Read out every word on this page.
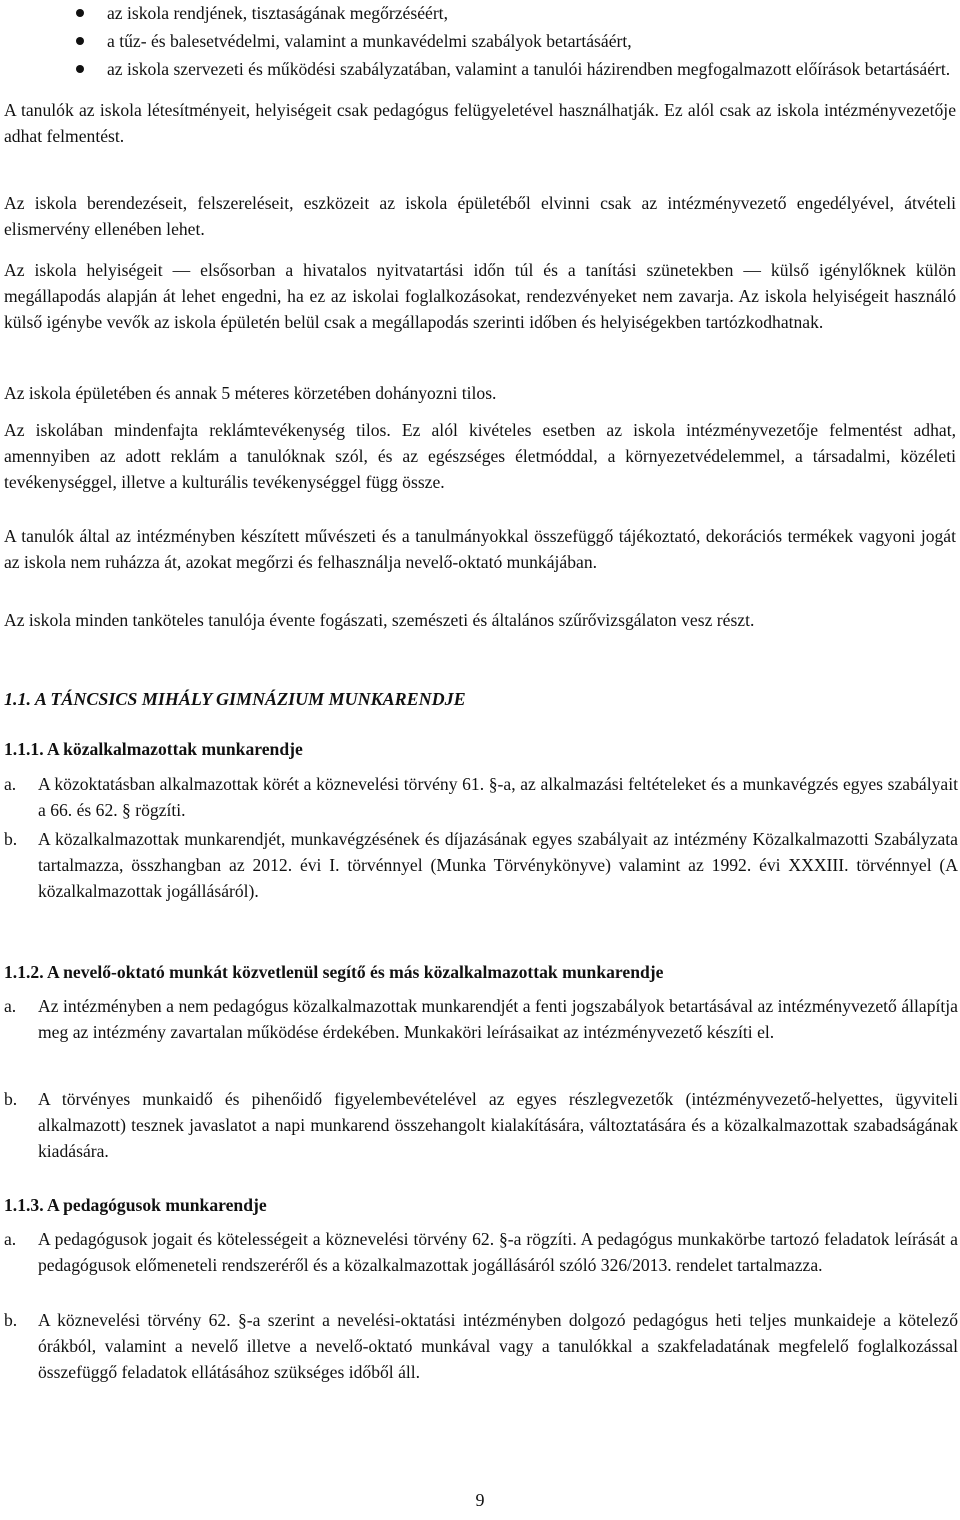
az iskola rendjének, tisztaságának megőrzéséért,
a tűz- és balesetvédelmi, valamint a munkavédelmi szabályok betartásáért,
az iskola szervezeti és működési szabályzatában, valamint a tanulói házirendben megfogalmazott előírások betartásáért.
A tanulók az iskola létesítményeit, helyiségeit csak pedagógus felügyeletével használhatják. Ez alól csak az iskola intézményvezetője adhat felmentést.
Az iskola berendezéseit, felszereléseit, eszközeit az iskola épületéből elvinni csak az intézményvezető engedélyével, átvételi elismervény ellenében lehet.
Az iskola helyiségeit — elsősorban a hivatalos nyitvatartási időn túl és a tanítási szünetekben — külső igénylőknek külön megállapodás alapján át lehet engedni, ha ez az iskolai foglalkozásokat, rendezvényeket nem zavarja. Az iskola helyiségeit használó külső igénybe vevők az iskola épületén belül csak a megállapodás szerinti időben és helyiségekben tartózkodhatnak.
Az iskola épületében és annak 5 méteres körzetében dohányozni tilos.
Az iskolában mindenfajta reklámtevékenység tilos. Ez alól kivételes esetben az iskola intézményvezetője felmentést adhat, amennyiben az adott reklám a tanulóknak szól, és az egészséges életmóddal, a környezetvédelemmel, a társadalmi, közéleti tevékenységgel, illetve a kulturális tevékenységgel függ össze.
A tanulók által az intézményben készített művészeti és a tanulmányokkal összefüggő tájékoztató, dekorációs termékek vagyoni jogát az iskola nem ruházza át, azokat megőrzi és felhasználja nevelő-oktató munkájában.
Az iskola minden tanköteles tanulója évente fogászati, szemészeti és általános szűrővizsgálaton vesz részt.
1.1. A TÁNCSICS MIHÁLY GIMNÁZIUM MUNKARENDJE
1.1.1. A közalkalmazottak munkarendje
a. A közoktatásban alkalmazottak körét a köznevelési törvény 61. §-a, az alkalmazási feltételeket és a munkavégzés egyes szabályait a 66. és 62. § rögzíti.
b. A közalkalmazottak munkarendjét, munkavégzésének és díjazásának egyes szabályait az intézmény Közalkalmazotti Szabályzata tartalmazza, összhangban az 2012. évi I. törvénnyel (Munka Törvénykönyve) valamint az 1992. évi XXXIII. törvénnyel (A közalkalmazottak jogállásáról).
1.1.2. A nevelő-oktató munkát közvetlenül segítő és más közalkalmazottak munkarendje
a. Az intézményben a nem pedagógus közalkalmazottak munkarendjét a fenti jogszabályok betartásával az intézményvezető állapítja meg az intézmény zavartalan működése érdekében. Munkaköri leírásaikat az intézményvezető készíti el.
b. A törvényes munkaidő és pihenőidő figyelembevételével az egyes részlegvezetők (intézményvezető-helyettes, ügyviteli alkalmazott) tesznek javaslatot a napi munkarend összehangolt kialakítására, változtatására és a közalkalmazottak szabadságának kiadására.
1.1.3. A pedagógusok munkarendje
a. A pedagógusok jogait és kötelességeit a köznevelési törvény 62. §-a rögzíti. A pedagógus munkakörbe tartozó feladatok leírását a pedagógusok előmeneteli rendszeréről és a közalkalmazottak jogállásáról szóló 326/2013. rendelet tartalmazza.
b. A köznevelési törvény 62. §-a szerint a nevelési-oktatási intézményben dolgozó pedagógus heti teljes munkaideje a kötelező órákból, valamint a nevelő illetve a nevelő-oktató munkával vagy a tanulókkal a szakfeladatának megfelelő foglalkozással összefüggő feladatok ellátásához szükséges időből áll.
9
